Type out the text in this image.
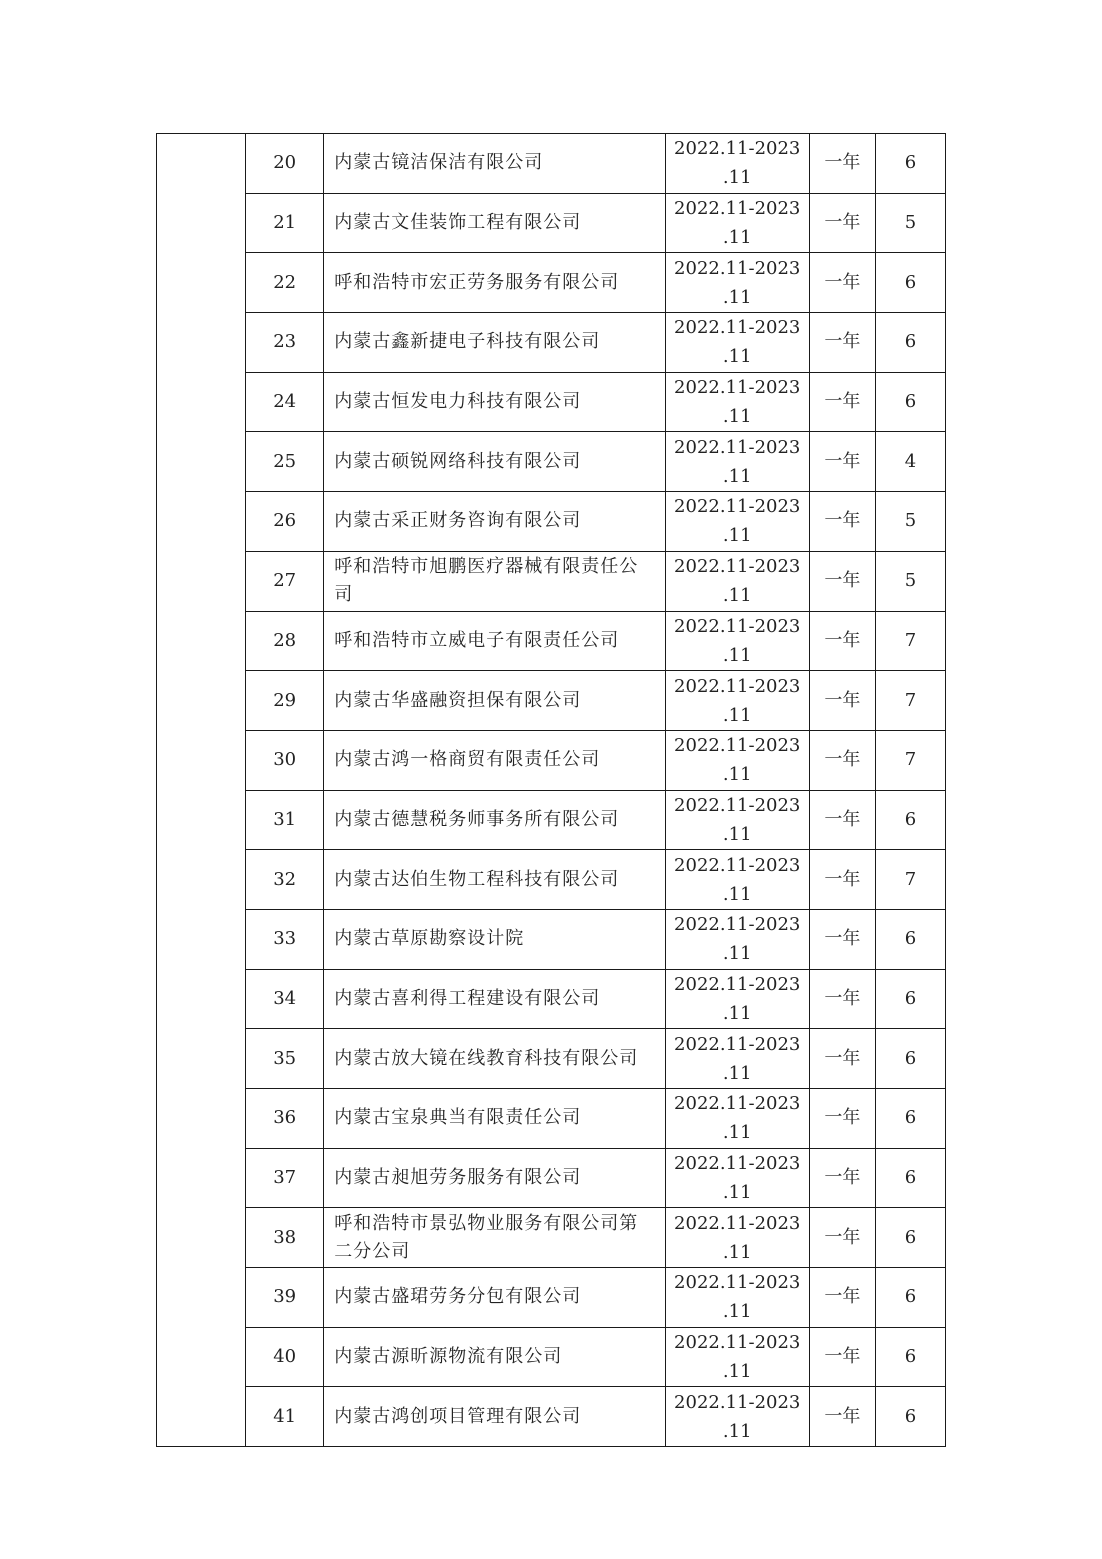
	20	内蒙古镜洁保洁有限公司	2022.11-2023
.11	一年	6
	21	内蒙古文佳装饰工程有限公司	2022.11-2023
.11	一年	5
	22	呼和浩特市宏正劳务服务有限公司	2022.11-2023
.11	一年	6
	23	内蒙古鑫新捷电子科技有限公司	2022.11-2023
.11	一年	6
	24	内蒙古恒发电力科技有限公司	2022.11-2023
.11	一年	6
	25	内蒙古硕锐网络科技有限公司	2022.11-2023
.11	一年	4
	26	内蒙古采正财务咨询有限公司	2022.11-2023
.11	一年	5
	27	呼和浩特市旭鹏医疗器械有限责任公司	2022.11-2023
.11	一年	5
	28	呼和浩特市立威电子有限责任公司	2022.11-2023
.11	一年	7
	29	内蒙古华盛融资担保有限公司	2022.11-2023
.11	一年	7
	30	内蒙古鸿一格商贸有限责任公司	2022.11-2023
.11	一年	7
	31	内蒙古德慧税务师事务所有限公司	2022.11-2023
.11	一年	6
	32	内蒙古达伯生物工程科技有限公司	2022.11-2023
.11	一年	7
	33	内蒙古草原勘察设计院	2022.11-2023
.11	一年	6
	34	内蒙古喜利得工程建设有限公司	2022.11-2023
.11	一年	6
	35	内蒙古放大镜在线教育科技有限公司	2022.11-2023
.11	一年	6
	36	内蒙古宝泉典当有限责任公司	2022.11-2023
.11	一年	6
	37	内蒙古昶旭劳务服务有限公司	2022.11-2023
.11	一年	6
	38	呼和浩特市景弘物业服务有限公司第二分公司	2022.11-2023
.11	一年	6
	39	内蒙古盛珺劳务分包有限公司	2022.11-2023
.11	一年	6
	40	内蒙古源昕源物流有限公司	2022.11-2023
.11	一年	6
	41	内蒙古鸿创项目管理有限公司	2022.11-2023
.11	一年	6
